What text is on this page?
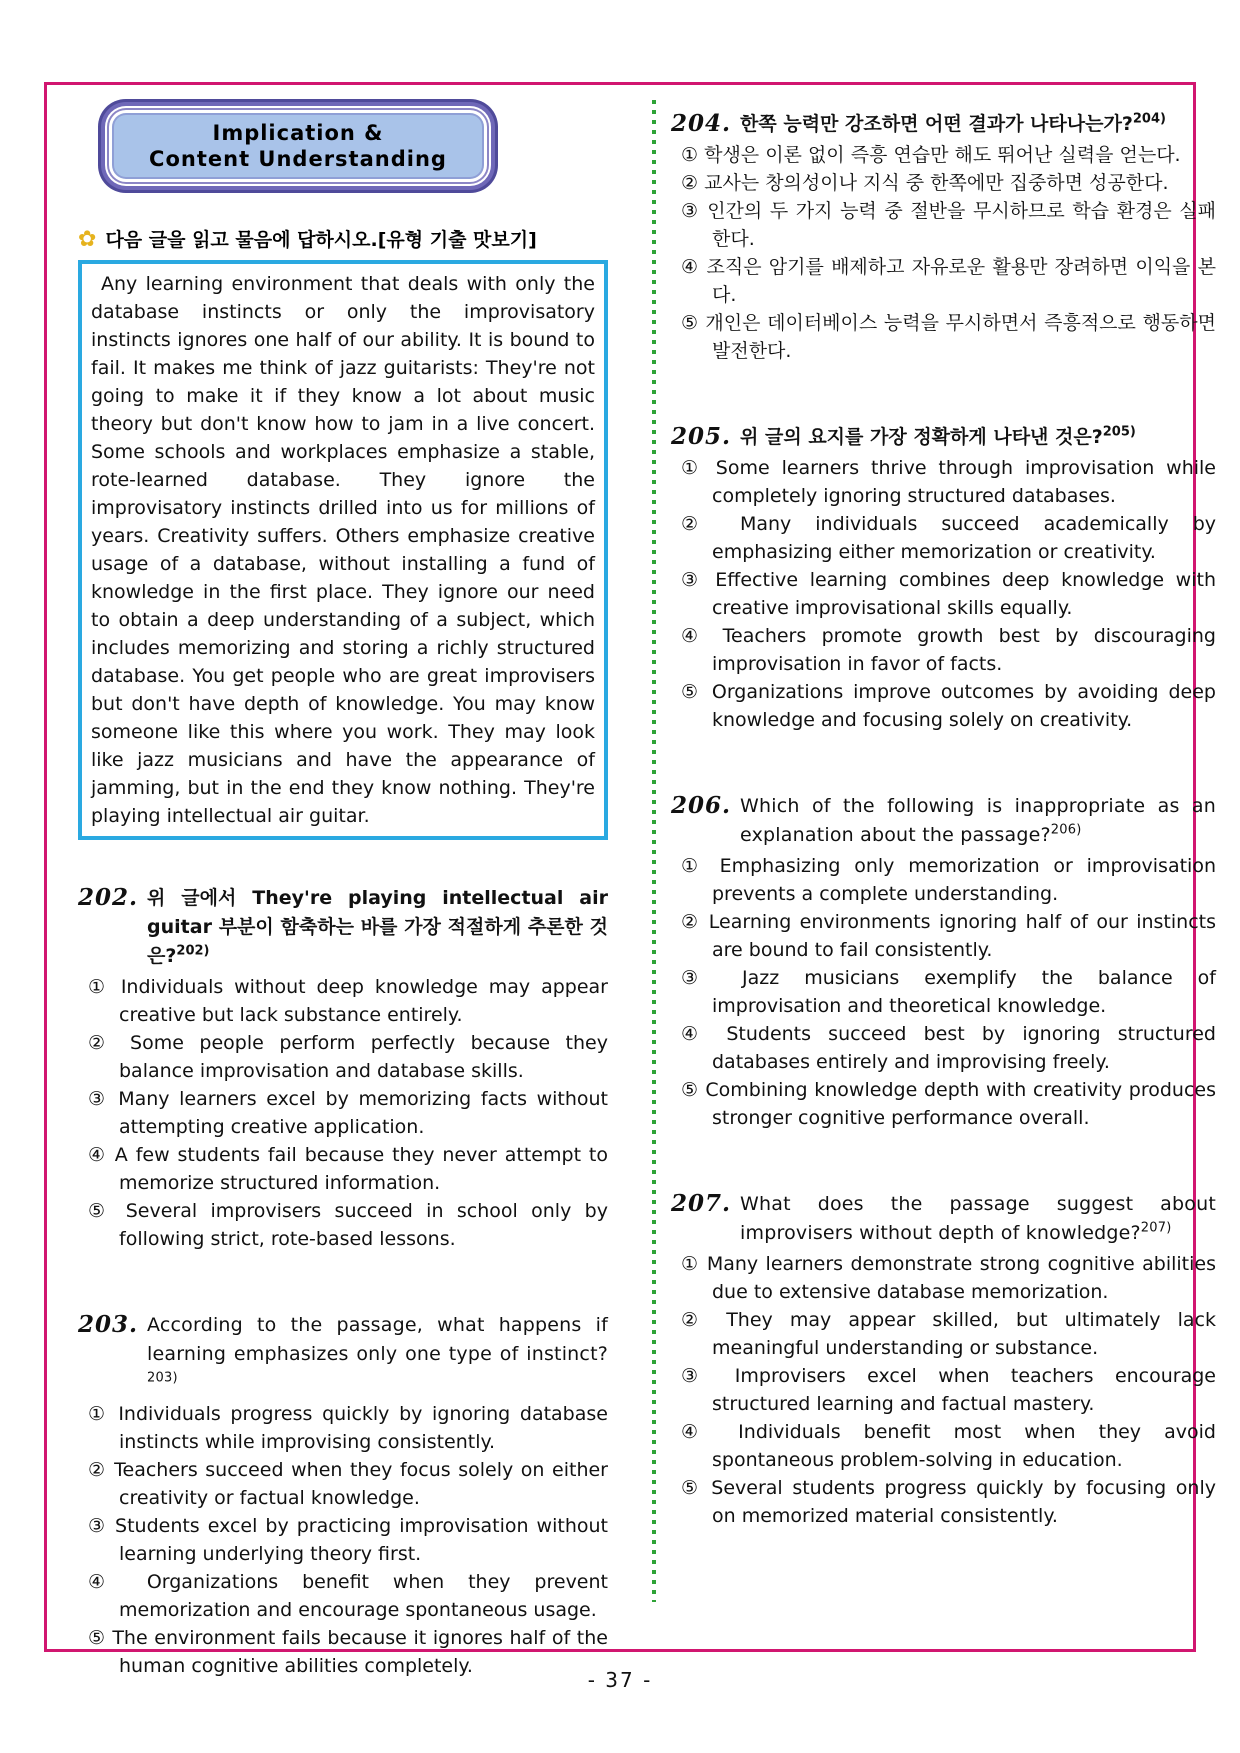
Implication &
Content Understanding
✿ 다음 글을 읽고 물음에 답하시오.[유형 기출 맛보기]

Any learning environment that deals with only the database instincts or only the improvisatory instincts ignores one half of our ability. It is bound to fail. It makes me think of jazz guitarists: They're not going to make it if they know a lot about music theory but don't know how to jam in a live concert. Some schools and workplaces emphasize a stable, rote-learned database. They ignore the improvisatory instincts drilled into us for millions of years. Creativity suffers. Others emphasize creative usage of a database, without installing a fund of knowledge in the first place. They ignore our need to obtain a deep understanding of a subject, which includes memorizing and storing a richly structured database. You get people who are great improvisers but don't have depth of knowledge. You may know someone like this where you work. They may look like jazz musicians and have the appearance of jamming, but in the end they know nothing. They're playing intellectual air guitar.

202. 위 글에서 They're playing intellectual air guitar 부분이 함축하는 바를 가장 적절하게 추론한 것은?$^{202)}$

① Individuals without deep knowledge may appear creative but lack substance entirely.
② Some people perform perfectly because they balance improvisation and database skills.
③ Many learners excel by memorizing facts without attempting creative application.
④ A few students fail because they never attempt to memorize structured information.
⑤ Several improvisers succeed in school only by following strict, rote-based lessons.
203. According to the passage, what happens if learning emphasizes only one type of instinct?$^{203)}$

① Individuals progress quickly by ignoring database instincts while improvising consistently.
② Teachers succeed when they focus solely on either creativity or factual knowledge.
③ Students excel by practicing improvisation without learning underlying theory first.
④ Organizations benefit when they prevent memorization and encourage spontaneous usage.
⑤ The environment fails because it ignores half of the human cognitive abilities completely.
204. 한쪽 능력만 강조하면 어떤 결과가 나타나는가?$^{204)}$

① 학생은 이론 없이 즉흥 연습만 해도 뛰어난 실력을 얻는다.
② 교사는 창의성이나 지식 중 한쪽에만 집중하면 성공한다.
③ 인간의 두 가지 능력 중 절반을 무시하므로 학습 환경은 실패한다.
④ 조직은 암기를 배제하고 자유로운 활용만 장려하면 이익을 본다.
⑤ 개인은 데이터베이스 능력을 무시하면서 즉흥적으로 행동하면 발전한다.
205. 위 글의 요지를 가장 정확하게 나타낸 것은?$^{205)}$

① Some learners thrive through improvisation while completely ignoring structured databases.
② Many individuals succeed academically by emphasizing either memorization or creativity.
③ Effective learning combines deep knowledge with creative improvisational skills equally.
④ Teachers promote growth best by discouraging improvisation in favor of facts.
⑤ Organizations improve outcomes by avoiding deep knowledge and focusing solely on creativity.
206. Which of the following is inappropriate as an explanation about the passage?$^{206)}$

① Emphasizing only memorization or improvisation prevents a complete understanding.
② Learning environments ignoring half of our instincts are bound to fail consistently.
③ Jazz musicians exemplify the balance of improvisation and theoretical knowledge.
④ Students succeed best by ignoring structured databases entirely and improvising freely.
⑤ Combining knowledge depth with creativity produces stronger cognitive performance overall.
207. What does the passage suggest about improvisers without depth of knowledge?$^{207)}$

① Many learners demonstrate strong cognitive abilities due to extensive database memorization.
② They may appear skilled, but ultimately lack meaningful understanding or substance.
③ Improvisers excel when teachers encourage structured learning and factual mastery.
④ Individuals benefit most when they avoid spontaneous problem-solving in education.
⑤ Several students progress quickly by focusing only on memorized material consistently.
- 37 -
